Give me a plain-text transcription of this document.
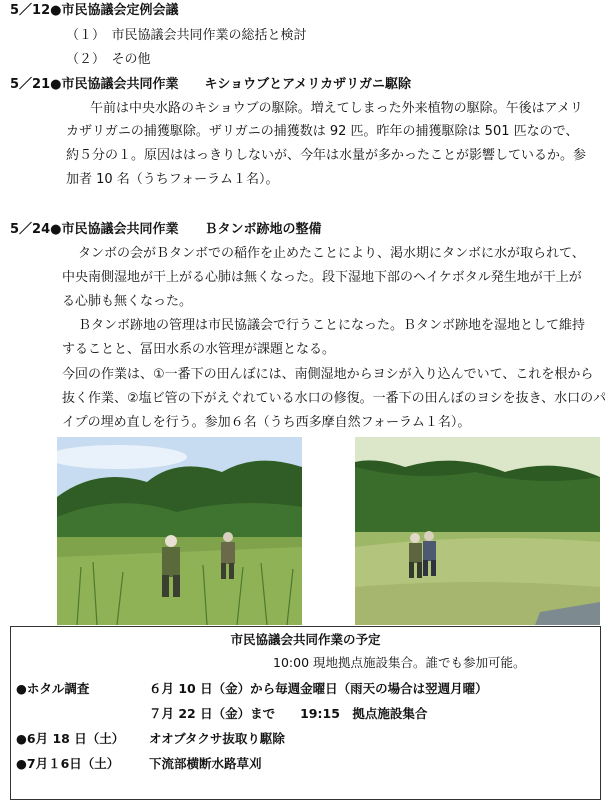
5／12●市民協議会定例会議
（１）　市民協議会共同作業の総括と検討
（２）　その他
5／21●市民協議会共同作業　　キショウブとアメリカザリガニ駆除
午前は中央水路のキショウブの駆除。増えてしまった外来植物の駆除。午後はアメリ
カザリガニの捕獲駆除。ザリガニの捕獲数は 92 匹。昨年の捕獲駆除は 501 匹なので、
約５分の１。原因ははっきりしないが、今年は水量が多かったことが影響しているか。参
加者 10 名（うちフォーラム１名）。
5／24●市民協議会共同作業　　Ｂタンボ跡地の整備
タンボの会がＢタンボでの稲作を止めたことにより、渇水期にタンボに水が取られて、
中央南側湿地が干上がる心肺は無くなった。段下湿地下部のヘイケボタル発生地が干上が
る心肺も無くなった。
Ｂタンボ跡地の管理は市民協議会で行うことになった。Ｂタンボ跡地を湿地として維持
することと、冨田水系の水管理が課題となる。
今回の作業は、①一番下の田んぼには、南側湿地からヨシが入り込んでいて、これを根から
抜く作業、②塩ビ管の下がえぐれている水口の修復。一番下の田んぼのヨシを抜き、水口のパ
イプの埋め直しを行う。参加６名（うち西多摩自然フォーラム１名）。
市民協議会共同作業の予定
10:00 現地拠点施設集合。誰でも参加可能。
●ホタル調査	６月 10 日（金）から毎週金曜日（雨天の場合は翌週月曜）
７月 22 日（金）まで　　19:15　拠点施設集合
●6月 18 日（土） オオブタクサ抜取り駆除
●7月１6日（土） 下流部横断水路草刈
